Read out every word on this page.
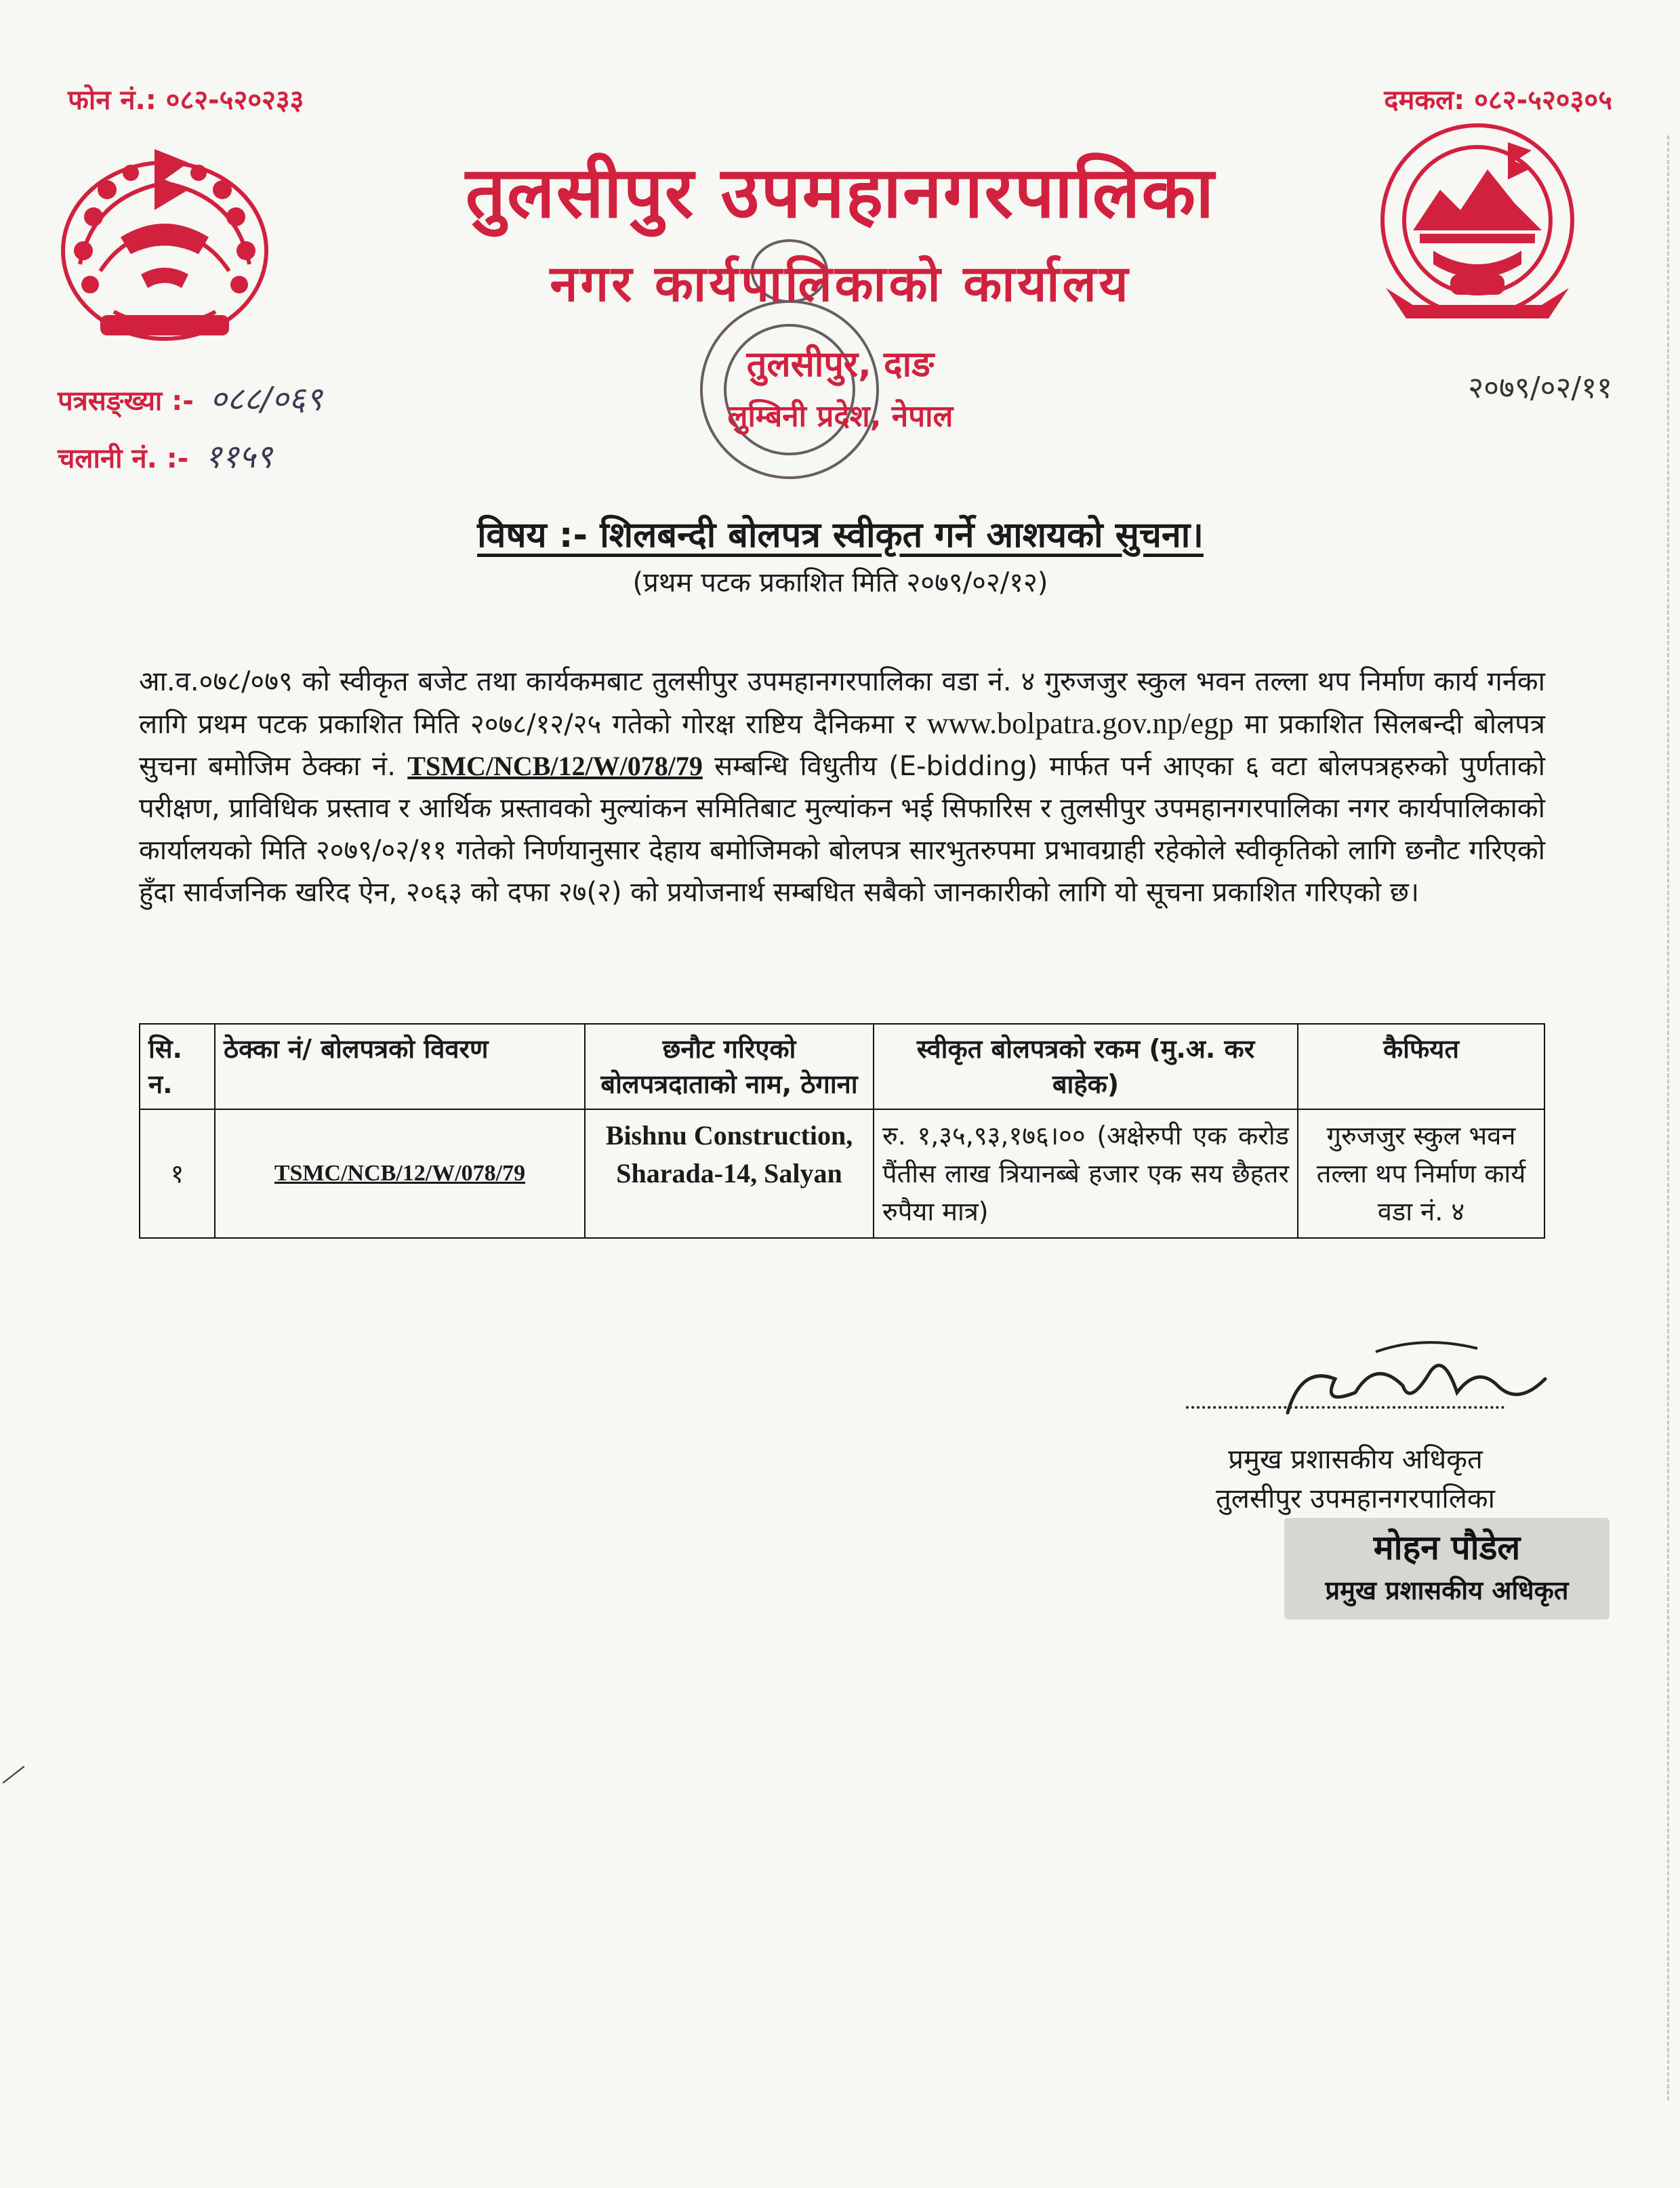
फोन नं.: ०८२-५२०२३३	दमकल: ०८२-५२०३०५
तुलसीपुर उपमहानगरपालिका
नगर कार्यपालिकाको कार्यालय
तुलसीपुर, दाङ
लुम्बिनी प्रदेश, नेपाल
पत्रसङ्ख्या :- ०८८/०६९
चलानी नं. :- ११५९
२०७९/०२/११
विषय :- शिलबन्दी बोलपत्र स्वीकृत गर्ने आशयको सुचना।
(प्रथम पटक प्रकाशित मिति २०७९/०२/१२)
आ.व.०७८/०७९ को स्वीकृत बजेट तथा कार्यकमबाट तुलसीपुर उपमहानगरपालिका वडा नं. ४ गुरुजजुर स्कुल भवन तल्ला थप निर्माण कार्य गर्नका लागि प्रथम पटक प्रकाशित मिति २०७८/१२/२५ गतेको गोरक्ष राष्टिय दैनिकमा र www.bolpatra.gov.np/egp मा प्रकाशित सिलबन्दी बोलपत्र सुचना बमोजिम ठेक्का नं. TSMC/NCB/12/W/078/79 सम्बन्धि विधुतीय (E-bidding) मार्फत पर्न आएका ६ वटा बोलपत्रहरुको पुर्णताको परीक्षण, प्राविधिक प्रस्ताव र आर्थिक प्रस्तावको मुल्यांकन समितिबाट मुल्यांकन भई सिफारिस र तुलसीपुर उपमहानगरपालिका नगर कार्यपालिकाको कार्यालयको मिति २०७९/०२/११ गतेको निर्णयानुसार देहाय बमोजिमको बोलपत्र सारभुतरुपमा प्रभावग्राही रहेकोले स्वीकृतिको लागि छनौट गरिएको हुँदा सार्वजनिक खरिद ऐन, २०६३ को दफा २७(२) को प्रयोजनार्थ सम्बधित सबैको जानकारीको लागि यो सूचना प्रकाशित गरिएको छ।
सि. न.	ठेक्का नं/ बोलपत्रको विवरण	छनौट गरिएको बोलपत्रदाताको नाम, ठेगाना	स्वीकृत बोलपत्रको रकम (मु.अ. कर बाहेक)	कैफियत
१	TSMC/NCB/12/W/078/79	Bishnu Construction, Sharada-14, Salyan	रु. १,३५,९३,१७६।०० (अक्षेरुपी एक करोड पैंतीस लाख त्रियानब्बे हजार एक सय छैहतर रुपैया मात्र)	गुरुजजुर स्कुल भवन तल्ला थप निर्माण कार्य वडा नं. ४
प्रमुख प्रशासकीय अधिकृत
तुलसीपुर उपमहानगरपालिका
मोहन पौडेल
प्रमुख प्रशासकीय अधिकृत
